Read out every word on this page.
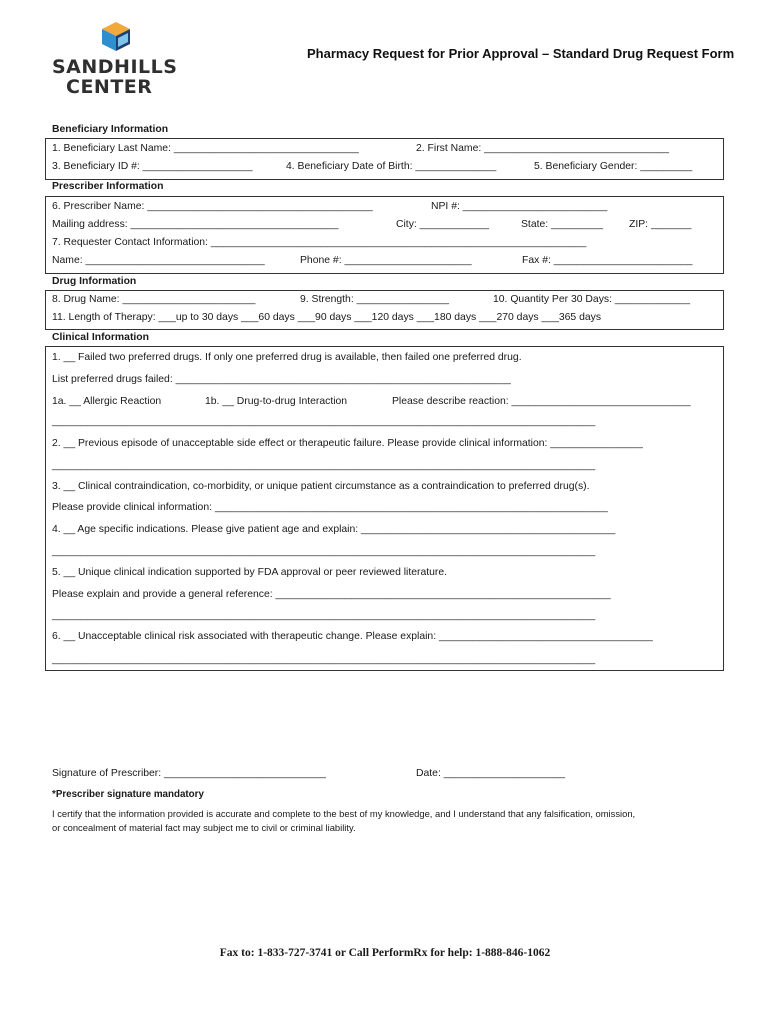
SANDHILLS
CENTER
Pharmacy Request for Prior Approval – Standard Drug Request Form
Beneficiary Information
1. Beneficiary Last Name: ________________________________	2. First Name: ________________________________
3. Beneficiary ID #: ___________________	4. Beneficiary Date of Birth: ______________	5. Beneficiary Gender: _________
Prescriber Information
6. Prescriber Name: _______________________________________	NPI #: _________________________
Mailing address: ____________________________________	City: ____________	State: _________ ZIP: _______
7. Requester Contact Information: _________________________________________________________________
Name: _______________________________	Phone #: ______________________	Fax #: ________________________
Drug Information
8. Drug Name: _______________________	9. Strength: ________________	10. Quantity Per 30 Days: _____________
11. Length of Therapy: ___up to 30 days ___60 days ___90 days ___120 days ___180 days ___270 days ___365 days
Clinical Information
1. __ Failed two preferred drugs. If only one preferred drug is available, then failed one preferred drug.
List preferred drugs failed: __________________________________________________________
1a. __ Allergic Reaction	1b. __ Drug-to-drug Interaction	Please describe reaction: _______________________________
______________________________________________________________________________________________
2. __ Previous episode of unacceptable side effect or therapeutic failure. Please provide clinical information: ________________
______________________________________________________________________________________________
3. __ Clinical contraindication, co-morbidity, or unique patient circumstance as a contraindication to preferred drug(s).
Please provide clinical information: ____________________________________________________________________
4. __ Age specific indications. Please give patient age and explain: ____________________________________________
______________________________________________________________________________________________
5. __ Unique clinical indication supported by FDA approval or peer reviewed literature.
Please explain and provide a general reference: __________________________________________________________
______________________________________________________________________________________________
6. __ Unacceptable clinical risk associated with therapeutic change. Please explain: _____________________________________
______________________________________________________________________________________________
Signature of Prescriber: ____________________________	Date: _____________________
*Prescriber signature mandatory
I certify that the information provided is accurate and complete to the best of my knowledge, and I understand that any falsification, omission,
or concealment of material fact may subject me to civil or criminal liability.
Fax to: 1-833-727-3741 or Call PerformRx for help: 1-888-846-1062
